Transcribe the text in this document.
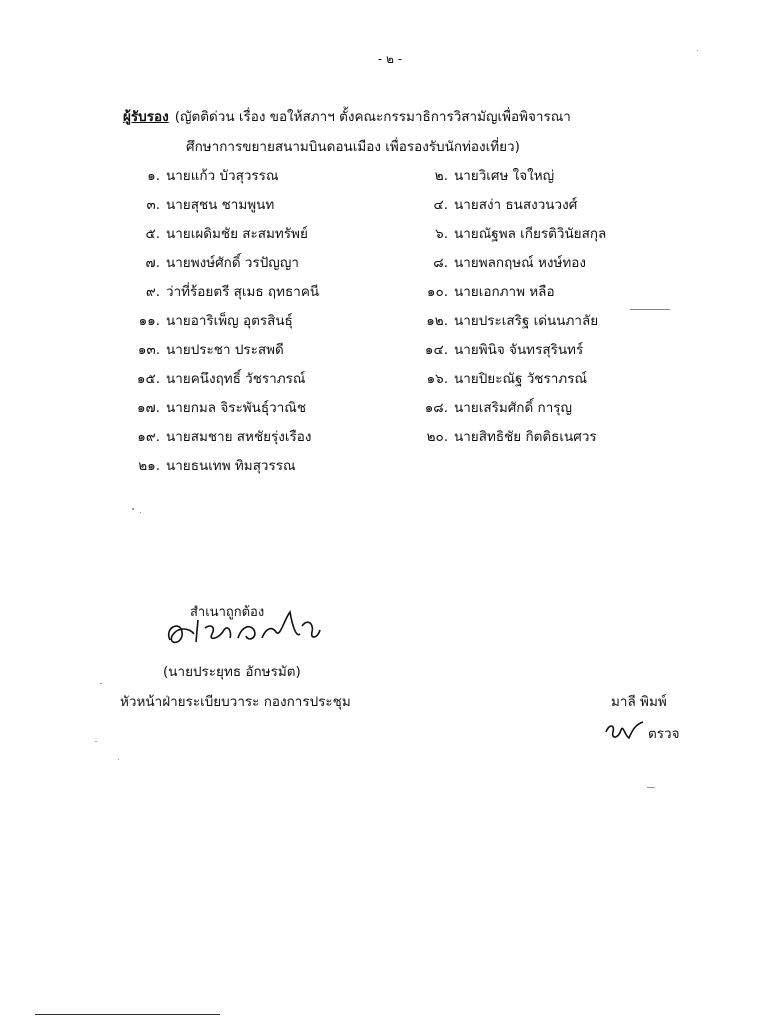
- ๒ -
ผู้รับรอง (ญัตติด่วน เรื่อง ขอให้สภาฯ ตั้งคณะกรรมาธิการวิสามัญเพื่อพิจารณา
ศึกษาการขยายสนามบินดอนเมือง เพื่อรองรับนักท่องเที่ยว)
๑. นายแก้ว บัวสุวรรณ
๓. นายสุชน ชามพูนท
๕. นายเผดิมชัย สะสมทรัพย์
๗. นายพงษ์ศักดิ์ วรปัญญา
๙. ว่าที่ร้อยตรี สุเมธ ฤทธาคนี
๑๑. นายอาริเพ็ญ อุตรสินธุ์
๑๓. นายประชา ประสพดี
๑๕. นายคนึงฤทธิ์ วัชราภรณ์
๑๗. นายกมล จิระพันธุ์วาณิช
๑๙. นายสมชาย สหชัยรุ่งเรือง
๒๑. นายธนเทพ ทิมสุวรรณ
๒. นายวิเศษ ใจใหญ่
๔. นายสง่า ธนสงวนวงศ์
๖. นายณัฐพล เกียรติวินัยสกุล
๘. นายพลกฤษณ์ หงษ์ทอง
๑๐. นายเอกภาพ หลือ
๑๒. นายประเสริฐ เด่นนภาลัย
๑๔. นายพินิจ จันทรสุรินทร์
๑๖. นายปิยะณัฐ วัชราภรณ์
๑๘. นายเสริมศักดิ์ การุญ
๒๐. นายสิทธิชัย กิตติธเนศวร
สำเนาถูกต้อง
(นายประยุทธ อักษรมัต)
หัวหน้าฝ่ายระเบียบวาระ กองการประชุม	มาลี พิมพ์
ตรวจ
